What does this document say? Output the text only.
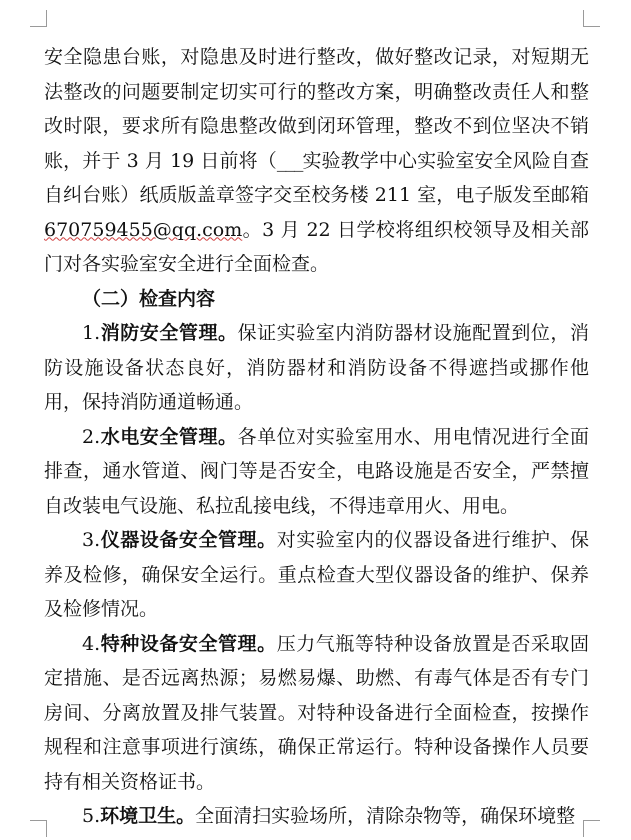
安全隐患台账，对隐患及时进行整改，做好整改记录，对短期无法整改的问题要制定切实可行的整改方案，明确整改责任人和整改时限，要求所有隐患整改做到闭环管理，整改不到位坚决不销账，并于 3 月 19 日前将（___实验教学中心实验室安全风险自查自纠台账）纸质版盖章签字交至校务楼 211 室，电子版发至邮箱 670759455@qq.com。3 月 22 日学校将组织校领导及相关部门对各实验室安全进行全面检查。

（二）检查内容

1.消防安全管理。保证实验室内消防器材设施配置到位，消防设施设备状态良好，消防器材和消防设备不得遮挡或挪作他用，保持消防通道畅通。

2.水电安全管理。各单位对实验室用水、用电情况进行全面排查，通水管道、阀门等是否安全，电路设施是否安全，严禁擅自改装电气设施、私拉乱接电线，不得违章用火、用电。

3.仪器设备安全管理。对实验室内的仪器设备进行维护、保养及检修，确保安全运行。重点检查大型仪器设备的维护、保养及检修情况。

4.特种设备安全管理。压力气瓶等特种设备放置是否采取固定措施、是否远离热源；易燃易爆、助燃、有毒气体是否有专门房间、分离放置及排气装置。对特种设备进行全面检查，按操作规程和注意事项进行演练，确保正常运行。特种设备操作人员要持有相关资格证书。

5.环境卫生。全面清扫实验场所，清除杂物等，确保环境整
